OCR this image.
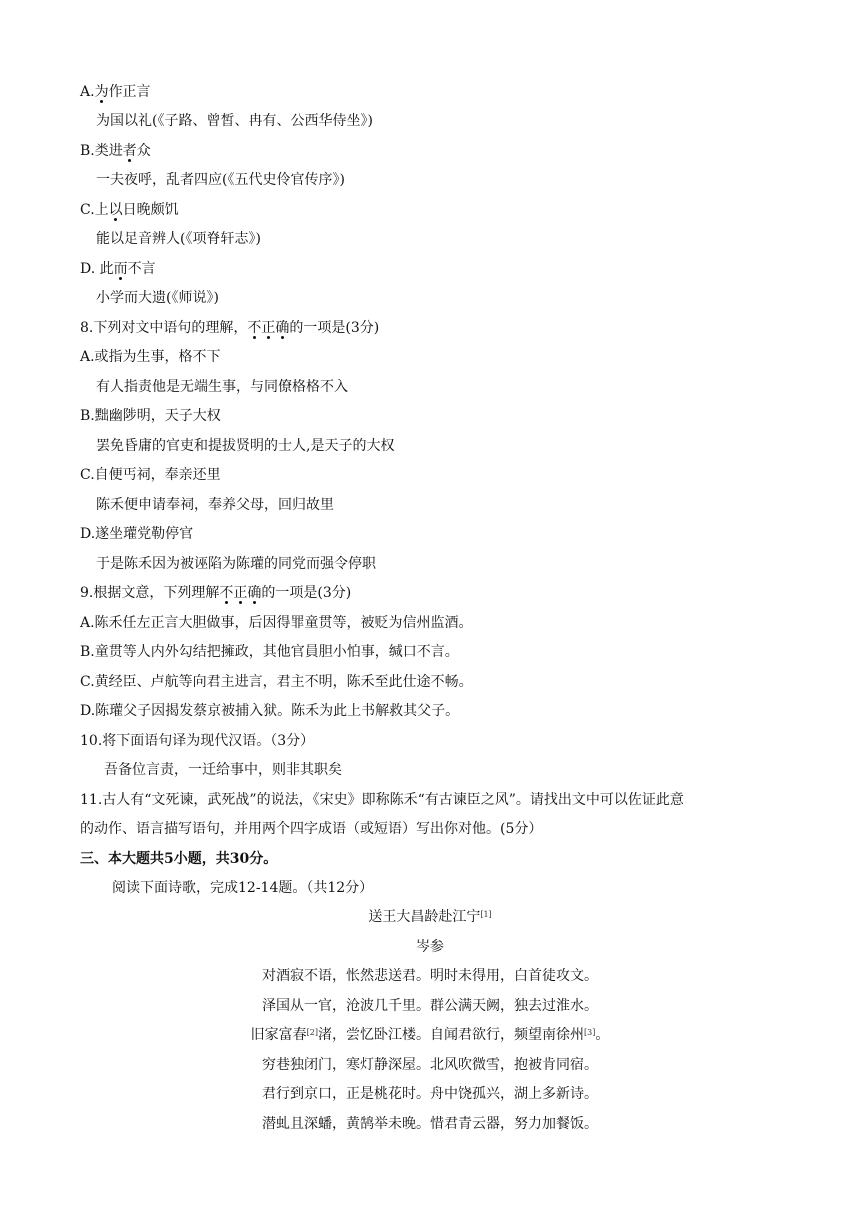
A.为作正言
为国以礼(《子路、曾皙、冉有、公西华侍坐》)
B.类进者众
一夫夜呼，乱者四应(《五代史伶官传序》)
C.上以日晚颇饥
能以足音辨人(《项脊轩志》)
D. 此而不言
小学而大遗(《师说》)
8.下列对文中语句的理解，不正确的一项是(3分)
A.或指为生事，格不下
有人指责他是无端生事，与同僚格格不入
B.黜幽陟明，天子大权
罢免昏庸的官吏和提拔贤明的士人,是天子的大权
C.自便丐祠，奉亲还里
陈禾便申请奉祠，奉养父母，回归故里
D.遂坐瓘党勒停官
于是陈禾因为被诬陷为陈瓘的同党而强令停职
9.根据文意，下列理解不正确的一项是(3分)
A.陈禾任左正言大胆做事，后因得罪童贯等，被贬为信州监酒。
B.童贯等人内外勾结把擁政，其他官員胆小怕事，缄口不言。
C.黄经臣、卢航等向君主进言，君主不明，陈禾至此仕途不畅。
D.陈瓘父子因揭发蔡京被捕入狱。陈禾为此上书解救其父子。
10.将下面语句译为现代汉语。（3分）
吾备位言责，一迁给事中，则非其职矣
11.古人有“文死谏，武死战”的说法，《宋史》即称陈禾“有古谏臣之风”。请找出文中可以佐证此意
的动作、语言描写语句，并用两个四字成语（或短语）写出你对他。(5分）
三、本大题共5小题，共30分。
阅读下面诗歌，完成12-14题。（共12分）
送王大昌龄赴江宁[1]
岑参
对酒寂不语，怅然悲送君。明时未得用，白首徒攻文。
泽国从一官，沧波几千里。群公满天阙，独去过淮水。
旧家富春[2]渚，尝忆卧江楼。自闻君欲行，频望南徐州[3]。
穷巷独闭门，寒灯静深屋。北风吹微雪，抱被肯同宿。
君行到京口，正是桃花时。舟中饶孤兴，湖上多新诗。
潜虬且深蟠，黄鹄举未晚。惜君青云器，努力加餐饭。
